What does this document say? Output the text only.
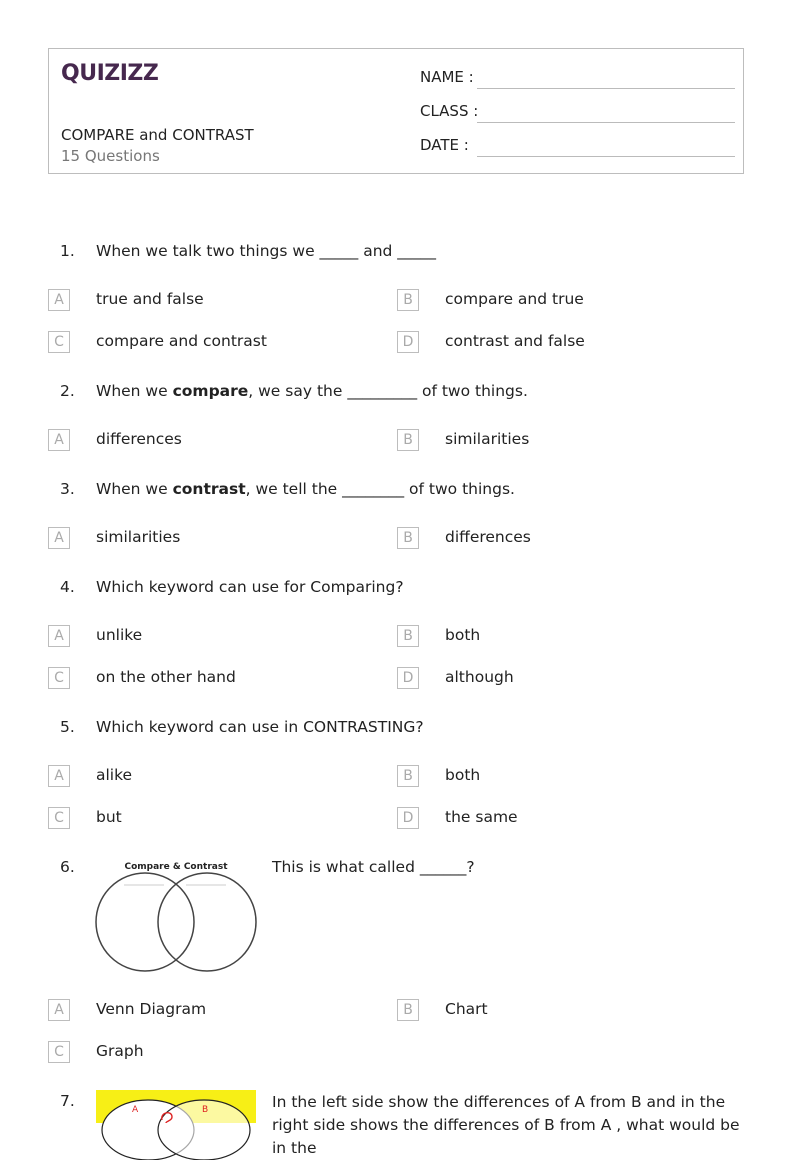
QUIZIZZ
COMPARE and CONTRAST
15 Questions
NAME :
CLASS :
DATE :
1. When we talk two things we _____ and _____
A	true and false	B	compare and true
C	compare and contrast	D	contrast and false
2. When we compare, we say the _________ of two things.
A	differences	B	similarities
3. When we contrast, we tell the ________ of two things.
A	similarities	B	differences
4. Which keyword can use for Comparing?
A	unlike	B	both
C	on the other hand	D	although
5. Which keyword can use in CONTRASTING?
A	alike	B	both
C	but	D	the same
6.	Compare & Contrast	This is what called ______?
A	Venn Diagram	B	Chart
C	Graph
7.	A	B	In the left side show the differences of A from B and in the right side shows the differences of B from A , what would be in the
